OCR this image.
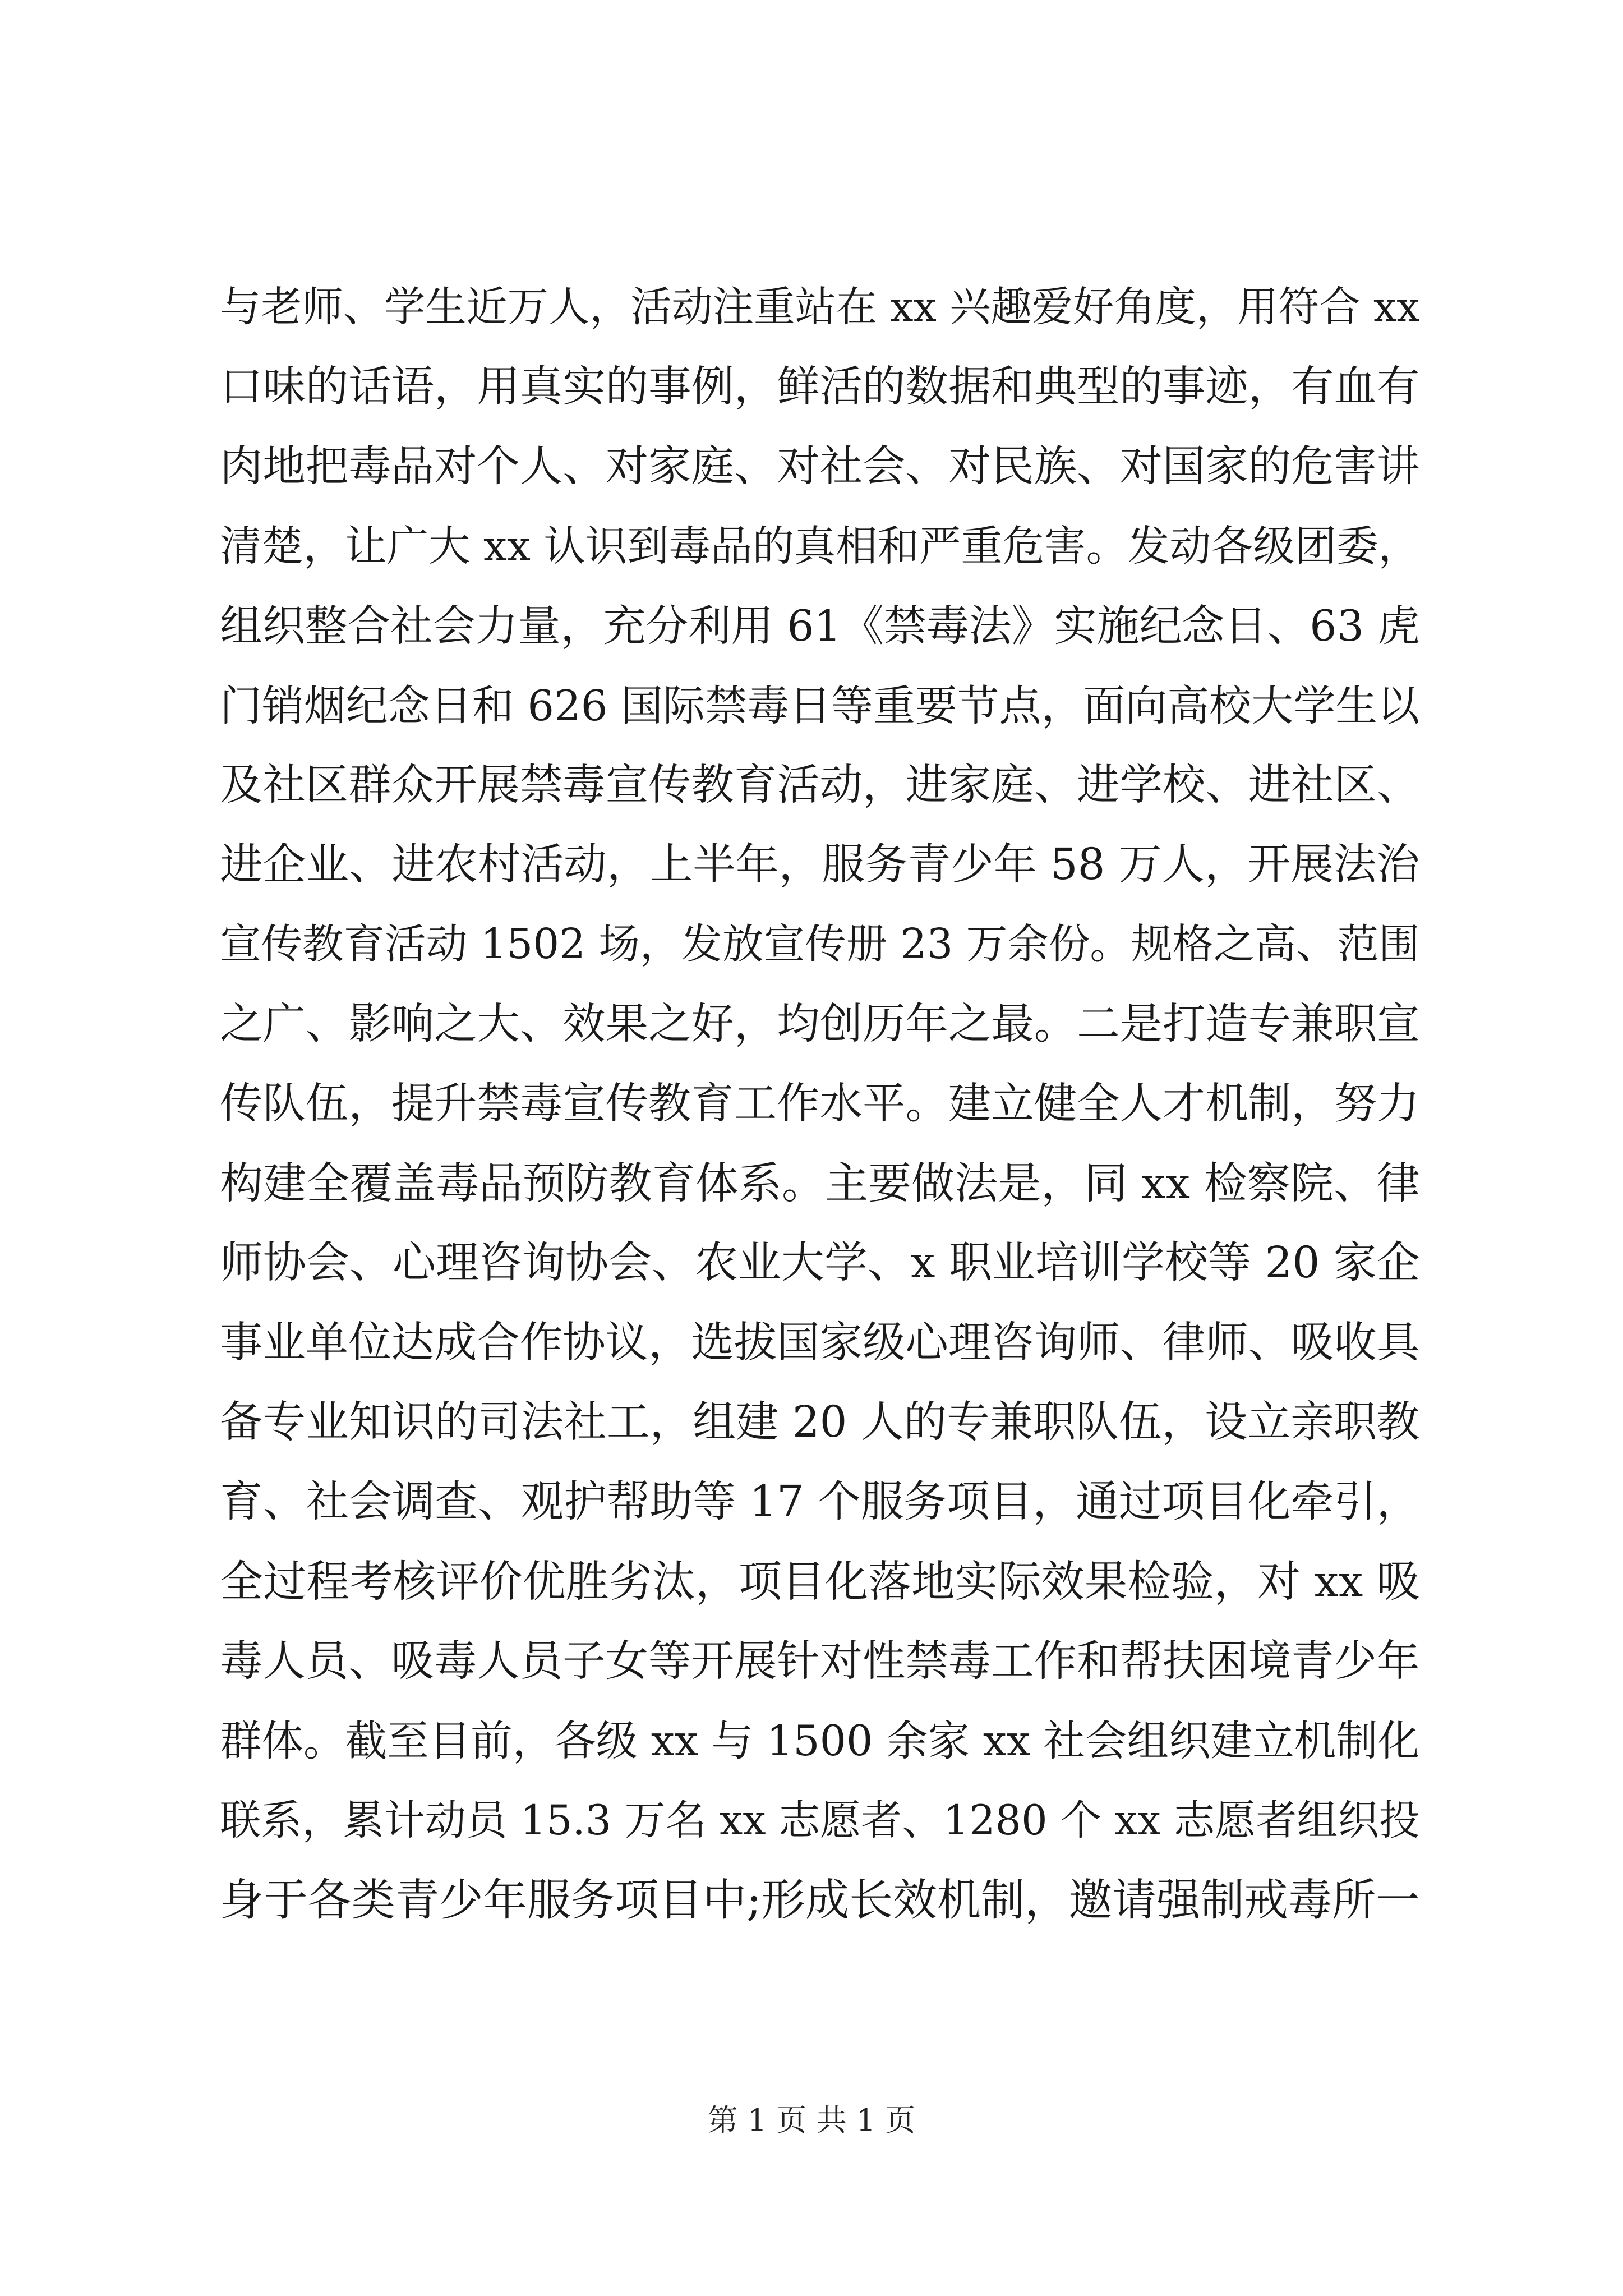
与老师、学生近万人，活动注重站在 xx 兴趣爱好角度，用符合 xx
口味的话语，用真实的事例，鲜活的数据和典型的事迹，有血有
肉地把毒品对个人、对家庭、对社会、对民族、对国家的危害讲
清楚，让广大 xx 认识到毒品的真相和严重危害。发动各级团委，
组织整合社会力量，充分利用 61《禁毒法》实施纪念日、63 虎
门销烟纪念日和 626 国际禁毒日等重要节点，面向高校大学生以
及社区群众开展禁毒宣传教育活动，进家庭、进学校、进社区、
进企业、进农村活动，上半年，服务青少年 58 万人，开展法治
宣传教育活动 1502 场，发放宣传册 23 万余份。规格之高、范围
之广、影响之大、效果之好，均创历年之最。二是打造专兼职宣
传队伍，提升禁毒宣传教育工作水平。建立健全人才机制，努力
构建全覆盖毒品预防教育体系。主要做法是，同 xx 检察院、律
师协会、心理咨询协会、农业大学、x 职业培训学校等 20 家企
事业单位达成合作协议，选拔国家级心理咨询师、律师、吸收具
备专业知识的司法社工，组建 20 人的专兼职队伍，设立亲职教
育、社会调查、观护帮助等 17 个服务项目，通过项目化牵引，
全过程考核评价优胜劣汰，项目化落地实际效果检验，对 xx 吸
毒人员、吸毒人员子女等开展针对性禁毒工作和帮扶困境青少年
群体。截至目前，各级 xx 与 1500 余家 xx 社会组织建立机制化
联系，累计动员 15.3 万名 xx 志愿者、1280 个 xx 志愿者组织投
身于各类青少年服务项目中;形成长效机制，邀请强制戒毒所一
第 1 页 共 1 页
